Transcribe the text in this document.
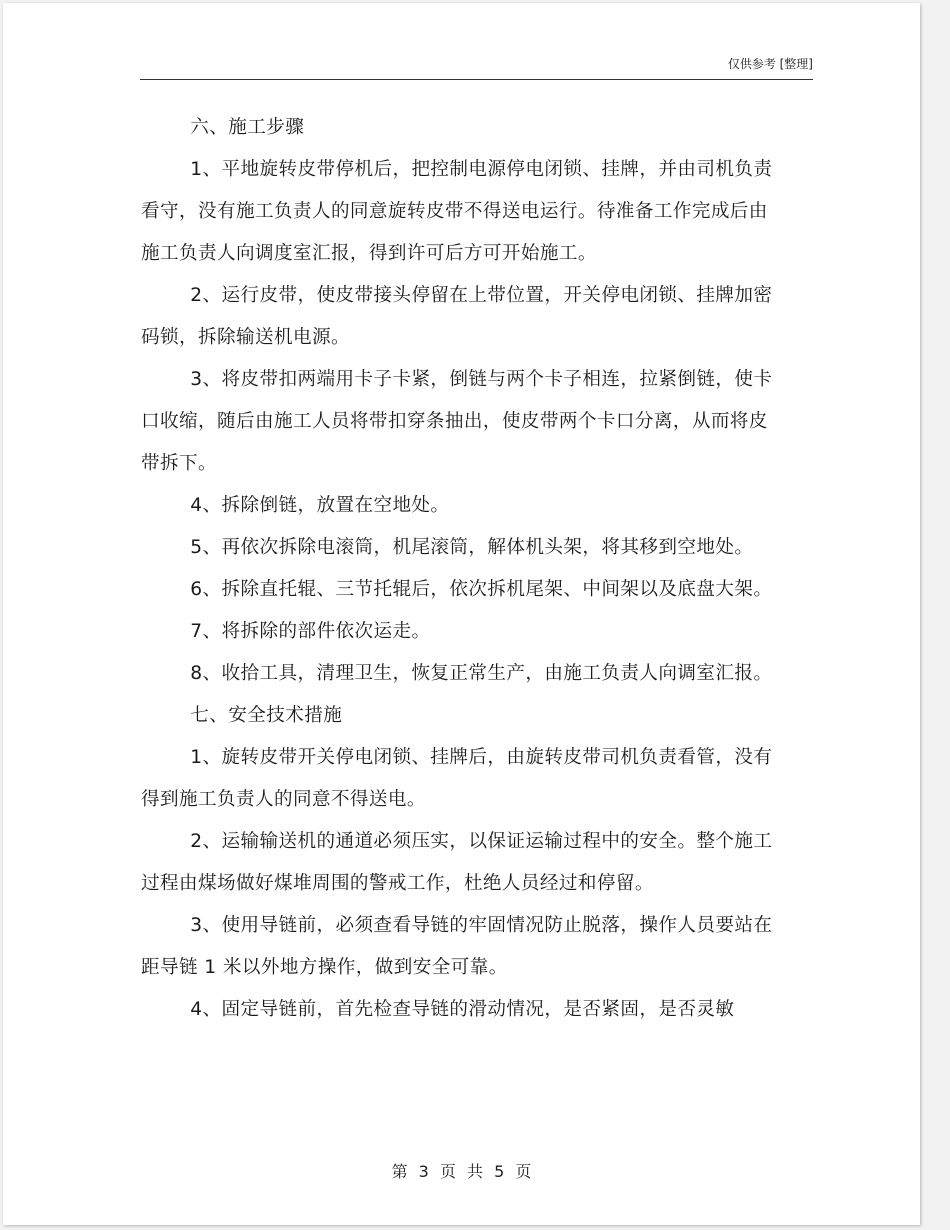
仅供参考 [整理]

六、施工步骤

1、平地旋转皮带停机后，把控制电源停电闭锁、挂牌，并由司机负责看守，没有施工负责人的同意旋转皮带不得送电运行。待准备工作完成后由施工负责人向调度室汇报，得到许可后方可开始施工。

2、运行皮带，使皮带接头停留在上带位置，开关停电闭锁、挂牌加密码锁，拆除输送机电源。

3、将皮带扣两端用卡子卡紧，倒链与两个卡子相连，拉紧倒链，使卡口收缩，随后由施工人员将带扣穿条抽出，使皮带两个卡口分离，从而将皮带拆下。

4、拆除倒链，放置在空地处。

5、再依次拆除电滚筒，机尾滚筒，解体机头架，将其移到空地处。

6、拆除直托辊、三节托辊后，依次拆机尾架、中间架以及底盘大架。

7、将拆除的部件依次运走。

8、收拾工具，清理卫生，恢复正常生产，由施工负责人向调室汇报。

七、安全技术措施

1、旋转皮带开关停电闭锁、挂牌后，由旋转皮带司机负责看管，没有得到施工负责人的同意不得送电。

2、运输输送机的通道必须压实，以保证运输过程中的安全。整个施工过程由煤场做好煤堆周围的警戒工作，杜绝人员经过和停留。

3、使用导链前，必须查看导链的牢固情况防止脱落，操作人员要站在距导链 1 米以外地方操作，做到安全可靠。

4、固定导链前，首先检查导链的滑动情况，是否紧固，是否灵敏

第 3 页 共 5 页
